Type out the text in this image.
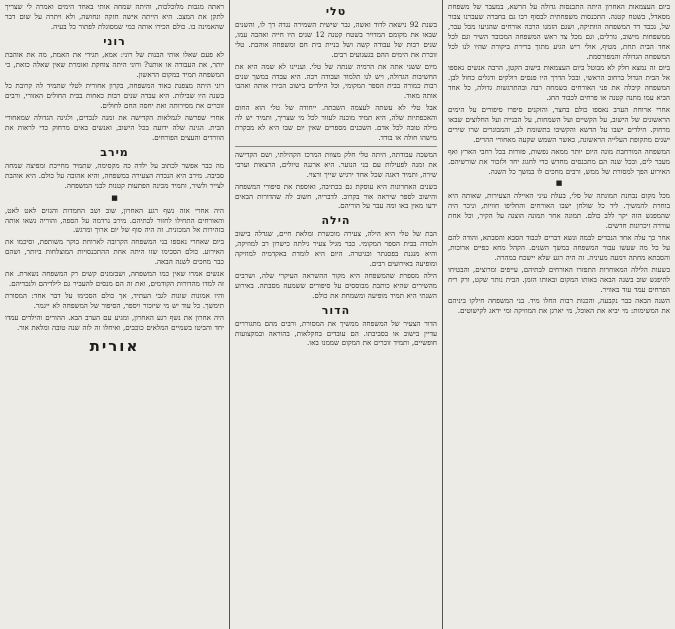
ביום העצמאות האחרון היתה התכנסות גדולה על הרשא, במעבר של משפחת מסאדל, בשטח קטנה. התכנסות משפחתית לבסוף רבו גם בחברה שעברנו צבור של, נכבד דד המשפחה הוותיקה, ושגם הזמנו הרבה אורחים שהגיעו מכל עבר, ממשפחות מישוב, גורלים, וגם מכל צד ראש המשפחה המכובד השיר וגם לכל אחד הבית תחת, מטיף, אולי ריש הגיע מתוך ברירת ביקורת שהיו לנו לכל המשפחה הגדולה והמפורסמת.

ביום זה נמצא חלק לא מבוטל ביום העצמאות בישוב הקטן, הרבה אנשים נאספו אל הבית הגדול ברחוב הראשי, ובכל הדרך היו פנסים דולקים ודגלים כחול לבן. המשפחה קיבלה את פני האורחים בשמחה רבה ובהתרגשות גדולה, כל אחד הביא עמו מתנה קטנה או פרחים לכבוד החג.

אחרי ארוחת הערב נאספו כולם בחצר, והזקנים סיפרו סיפורים על הימים הראשונים של הישוב, על הקשיים ועל השמחות, על הבנייה ועל החלוצים שבאו מרחוק. הילדים ישבו על הדשא והקשיבו בתשומת לב, והמבוגרים שרו שירים ישנים מתקופת העלייה הראשונה, כאשר השמש שקעה מאחורי ההרים.

המשפחה המורחבת מונה היום יותר ממאה נפשות, פזורות בכל רחבי הארץ ואף מעבר לים, ובכל שנה הם מתכנסים מחדש כדי לחגוג יחד ולזכור את שורשיהם. האירוע הפך למסורת של ממש, ורבים מחכים לו במשך כל השנה.

■

מכל מקום נבחנת תמונתה של סלי, בעלת עיני האיילה הצעירות, שאותה היא בוחרת להמשיך. ליד כל שולחן ישבו האורחים והחליפו חוויות, וניכר היה שהמפגש הזה יקר ללב כולם. תמונה אחר תמונה הוצגה על הקיר, וכל אחת עוררה זיכרונות חדשים.

אחר כך עלה אחד הנכדים לבמה ונשא דברים לכבוד הסבא והסבתא, והודה להם על כל מה שעשו עבור המשפחה במשך השנים. הקהל מחא כפיים ארוכות, והסבתא מחתה דמעה מעיניה. זה היה רגע שלא יישכח במהרה.

בשעות הלילה המאוחרות התפזרו האורחים לבתיהם, עייפים ומרוצים, והבטיחו להיפגש שוב בשנה הבאה באותו המקום ובאותו הזמן. הבית נותר שקט, ורק ריח הפרחים עמד עוד באוויר.

השנה הבאה כבר נקבעה, והכנות רבות החלו מיד. בני המשפחה חילקו ביניהם את המשימות: מי יביא את האוכל, מי יארגן את המוזיקה ומי ידאג לקישוטים.

טלי

בשנת 92 נישאה לדוד ואשה, גבר שישית השמירה נגדה דך לו, והשנים שבאו את מקומם המדויר בשטח קטנה 12 שנים היו חייה ואהבה עמו, שנים רבות של עבודה קשה ושל בניית בית חם ומשפחה אוהבת. טלי זוכרת את הימים ההם בגעגועים רבים.

מיום ששני אתה את הרמיה שנתה של טלי. ועניינו לא שמה היא את החשיבות הגדולה, ויש לנו תלמוד ועבודה רבה. היא עבדה במשך שנים רבות כמורה בבית הספר המקומי, וכל הילדים בישוב הכירו אותה ואהבו אותה מאוד.

אבל טלי לא עשתה לעצמה השבתה. ייחודה של טלי הוא החום והאכפתיות שלה, היא תמיד מוכנה לעזור לכל מי שצריך, ותמיד יש לה מילה טובה לכל אדם. השכנים מספרים שאין יום שבו היא לא מבקרת מישהו חולה או בודד.

המשכה עבודתה, היתה טלי חלק מצוות המרכז הקהילתי, ושם הקדישה את זמנה לפעילות עם בני הנוער. היא ארגנה טיולים, הרצאות וערבי שירה, ותמיד דאגה שכל אחד ירגיש שייך ורצוי.

בשנים האחרונות היא עוסקת גם בכתיבה, ואוספת את סיפורי המשפחה והישוב לספר שיראה אור בקרוב. לדבריה, חשוב לה שהדורות הבאים ידעו מאין באו ומה עבר על הוריהם.

הילה

הבת של טלי היא הילה, צעירה מוכשרת ומלאת חיים, שגדלה בישוב ולמדה בבית הספר המקומי. כבר מגיל צעיר גילתה כישרון רב למוזיקה, והיא מנגנת בפסנתר ובגיטרה. היום היא לומדת באקדמיה למוזיקה ומופיעה באירועים רבים.

הילה מספרת שהמשפחה היא מקור ההשראה העיקרי שלה, ושרבים מהשירים שהיא כותבת מבוססים על סיפורים ששמעה מסבתה. באירוע השנתי היא תמיד מופיעה ומשמחת את כולם.

הדור

הדור הצעיר של המשפחה ממשיך את המסורת, ורבים מהם מתגוררים עדיין בישוב או בסביבתו. הם עובדים בחקלאות, בהוראה ובמקצועות חופשיים, ותמיד זוכרים את המקום שממנו באו.

ראתה מגבות מלוכלכות, והיתה שמחה אותי באחד הימים ואמרה לי שצריך לתקן את המצב. היא הייתה אישה חזקה ונחושה, ולא ויתרה על שום דבר שהאמינה בו. כולם הכירו אותה כמי שמסוגלת לפתור כל בעיה.

רוני

לא פעם שאלו אותי הבנות של רוני: אמא, תגידי את האמת, מה את אוהבת יותר, את העבודה או אותנו? ורוני היתה צוחקת ואומרת שאין שאלה כזאת, כי המשפחה תמיד במקום הראשון.

רוני היתה מצפנת כאוד המשפחה, בקרון אחורית לטלי שתמיד לה קרובת כל בשנה היו שבילות. היא עבדה שנים רבות כאחות בבית החולים האזורי, ורבים זוכרים את מסירותה ואת יחסה החם לחולים.

אחרי שפרשה לגמלאות הקדישה את זמנה לנכדים, ולגינה הגדולה שמאחורי הבית. הגינה שלה ידועה בכל הישוב, ואנשים באים מרחוק כדי לראות את הוורדים והעצים הפורחים.

מירב

מה כבר אפשר לכתוב על ילדה כה מקסימה, שתמיד מחייכת ומפיצה שמחה סביבה. מירב היא הנכדה הצעירה במשפחה, והיא אהובה על כולם. היא אוהבת לצייר ולשיר, ותמיד מכינה הפתעות קטנות לבני המשפחה.

■

היה אחרי אזה נשף רגע האחרון, שוב ושב החמדות והגזים לאט לאט, והאורחים התחילו לחזור לבתיהם. מירב נרדמה על הספה, והוריה נשאו אותה בזהירות אל המכונית. זה היה סוף של יום ארוך ומרגש.

ביום שאחרי נאספו בני המשפחה הקרובה לארוחת בוקר משותפת, וסיכמו את האירוע. כולם הסכימו שזו היתה אחת ההתכנסויות המוצלחות ביותר, ושהם כבר מחכים לשנה הבאה.

אנשים אמרו שאין כמו המשפחה, ושבזמנים קשים רק המשפחה נשארת. את זה למדו מהדורות הקודמים, ואת זה הם מנסים להעביר גם לילדיהם ולנכדיהם.

והיו אמונות שונות לגבי העתיד, אך כולם הסכימו על דבר אחד: המסורת תימשך. כל עוד יש מי שיזכור ויספר, הסיפור של המשפחה לא ייגמר.

היה אחרון את נשף רגע האחרון, ומגיע עם הערב הבא. ההורים והילדים עמדו יחד והביטו בשמיים המלאים כוכבים, ואיחלו זה לזה שנה טובה ומלאת אור.

אורית
